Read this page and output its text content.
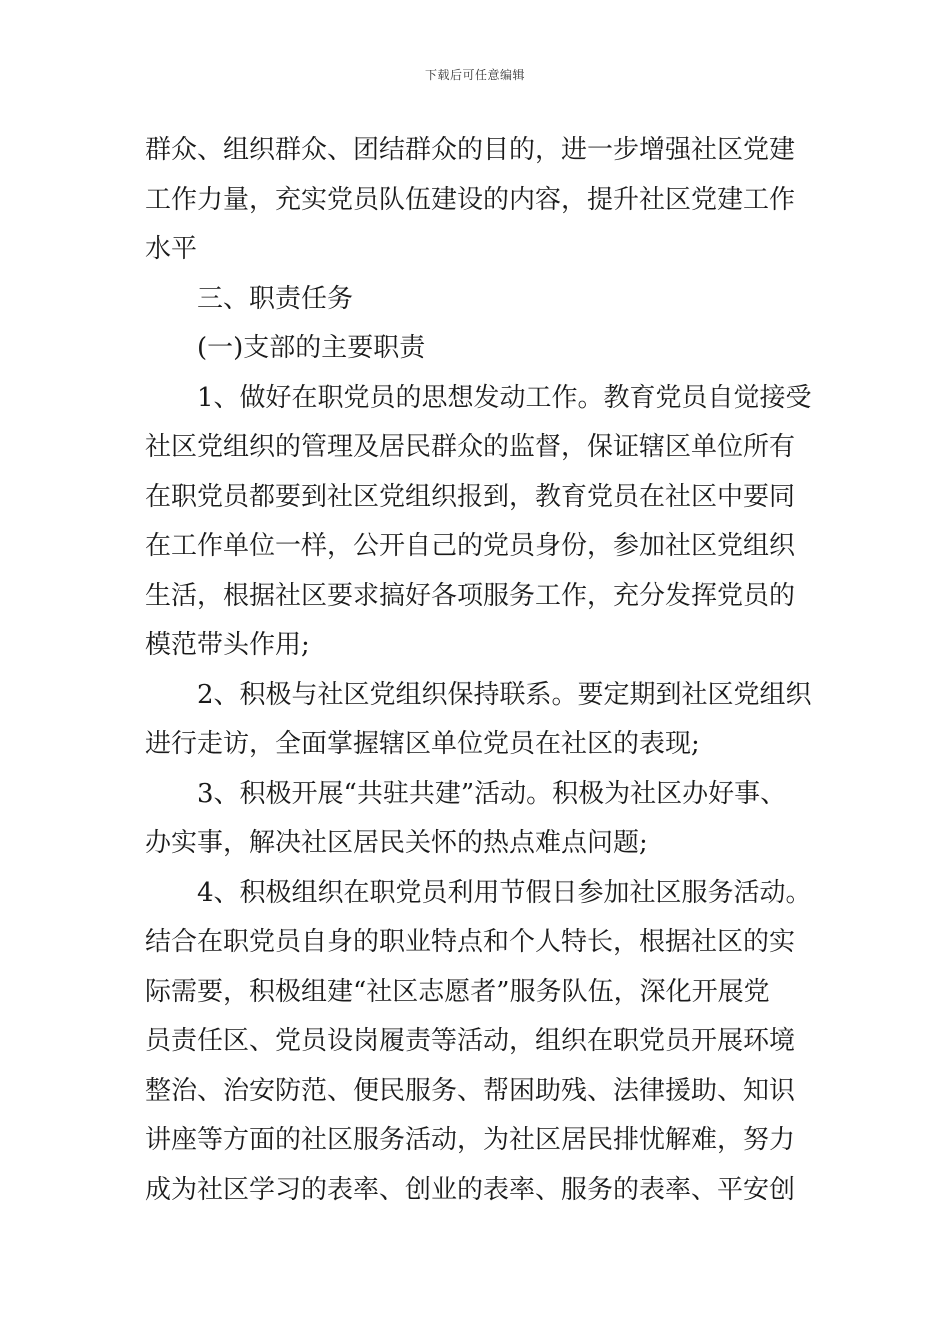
下载后可任意编辑
群众、组织群众、团结群众的目的，进一步增强社区党建
工作力量，充实党员队伍建设的内容，提升社区党建工作
水平
三、职责任务
(一)支部的主要职责
1、做好在职党员的思想发动工作。教育党员自觉接受
社区党组织的管理及居民群众的监督，保证辖区单位所有
在职党员都要到社区党组织报到，教育党员在社区中要同
在工作单位一样，公开自己的党员身份，参加社区党组织
生活，根据社区要求搞好各项服务工作，充分发挥党员的
模范带头作用;
2、积极与社区党组织保持联系。要定期到社区党组织
进行走访，全面掌握辖区单位党员在社区的表现;
3、积极开展“共驻共建”活动。积极为社区办好事、
办实事，解决社区居民关怀的热点难点问题;
4、积极组织在职党员利用节假日参加社区服务活动。
结合在职党员自身的职业特点和个人特长，根据社区的实
际需要，积极组建“社区志愿者”服务队伍，深化开展党
员责任区、党员设岗履责等活动，组织在职党员开展环境
整治、治安防范、便民服务、帮困助残、法律援助、知识
讲座等方面的社区服务活动，为社区居民排忧解难，努力
成为社区学习的表率、创业的表率、服务的表率、平安创
